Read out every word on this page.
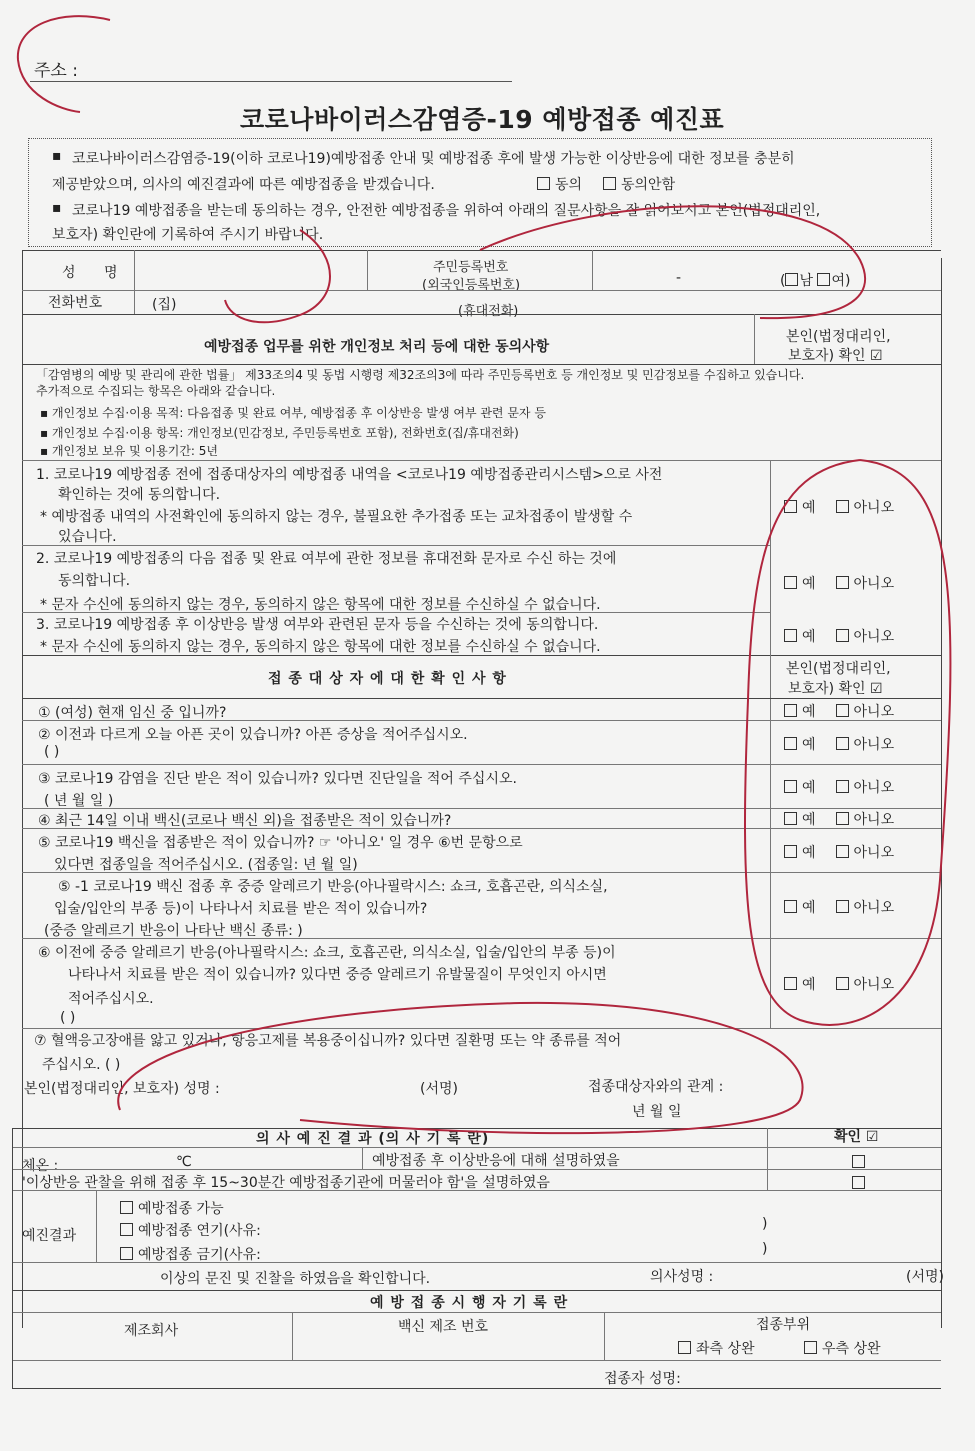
주소 :
코로나바이러스감염증-19 예방접종 예진표
▪ 코로나바이러스감염증-19(이하 코로나19)예방접종 안내 및 예방접종 후에 발생 가능한 이상반응에 대한 정보를 충분히
제공받았으며, 의사의 예진결과에 따른 예방접종을 받겠습니다.	동의	동의안함
▪ 코로나19 예방접종을 받는데 동의하는 경우, 안전한 예방접종을 위하여 아래의 질문사항을 잘 읽어보시고 본인(법정대리인,
보호자) 확인란에 기록하여 주시기 바랍니다.
성 명	주민등록번호
(외국인등록번호)	-	( 남 여)
전화번호	(집)	(휴대전화)
예방접종 업무를 위한 개인정보 처리 등에 대한 동의사항
본인(법정대리인,
보호자) 확인 ☑
「감염병의 예방 및 관리에 관한 법률」 제33조의4 및 동법 시행령 제32조의3에 따라 주민등록번호 등 개인정보 및 민감정보를 수집하고 있습니다.
추가적으로 수집되는 항목은 아래와 같습니다.
▪ 개인정보 수집·이용 목적: 다음접종 및 완료 여부, 예방접종 후 이상반응 발생 여부 관련 문자 등
▪ 개인정보 수집·이용 항목: 개인정보(민감정보, 주민등록번호 포함), 전화번호(집/휴대전화)
▪ 개인정보 보유 및 이용기간: 5년
1. 코로나19 예방접종 전에 접종대상자의 예방접종 내역을 <코로나19 예방접종관리시스템>으로 사전
확인하는 것에 동의합니다.
* 예방접종 내역의 사전확인에 동의하지 않는 경우, 불필요한 추가접종 또는 교차접종이 발생할 수
있습니다.
예	아니오
2. 코로나19 예방접종의 다음 접종 및 완료 여부에 관한 정보를 휴대전화 문자로 수신 하는 것에
동의합니다.
* 문자 수신에 동의하지 않는 경우, 동의하지 않은 항목에 대한 정보를 수신하실 수 없습니다.
예	아니오
3. 코로나19 예방접종 후 이상반응 발생 여부와 관련된 문자 등을 수신하는 것에 동의합니다.
* 문자 수신에 동의하지 않는 경우, 동의하지 않은 항목에 대한 정보를 수신하실 수 없습니다.
예	아니오
접 종 대 상 자 에 대 한 확 인 사 항
본인(법정대리인,
보호자) 확인 ☑
① (여성) 현재 임신 중 입니까?	예	아니오
② 이전과 다르게 오늘 아픈 곳이 있습니까? 아픈 증상을 적어주십시오.
( )	예	아니오
③ 코로나19 감염을 진단 받은 적이 있습니까? 있다면 진단일을 적어 주십시오.
( 년 월 일 )
예	아니오
④ 최근 14일 이내 백신(코로나 백신 외)을 접종받은 적이 있습니까?	예	아니오
⑤ 코로나19 백신을 접종받은 적이 있습니까? ☞ '아니오' 일 경우 ⑥번 문항으로
있다면 접종일을 적어주십시오. (접종일: 년 월 일)
예	아니오
⑤ -1 코로나19 백신 접종 후 중증 알레르기 반응(아나필락시스: 쇼크, 호흡곤란, 의식소실,
입술/입안의 부종 등)이 나타나서 치료를 받은 적이 있습니까?
(중증 알레르기 반응이 나타난 백신 종류: )
예	아니오
⑥ 이전에 중증 알레르기 반응(아나필락시스: 쇼크, 호흡곤란, 의식소실, 입술/입안의 부종 등)이
나타나서 치료를 받은 적이 있습니까? 있다면 중증 알레르기 유발물질이 무엇인지 아시면
적어주십시오.
( )
예	아니오
⑦ 혈액응고장애를 앓고 있거나, 항응고제를 복용중이십니까? 있다면 질환명 또는 약 종류를 적어
주십시오. ( )
본인(법정대리인, 보호자) 성명 :	(서명)	접종대상자와의 관계 :
년 월 일
의 사 예 진 결 과 (의 사 기 록 란)	확인 ☑
체온 :	℃	예방접종 후 이상반응에 대해 설명하였을
'이상반응 관찰을 위해 접종 후 15~30분간 예방접종기관에 머물러야 함'을 설명하였음
예진결과
예방접종 가능
예방접종 연기(사유:	)
예방접종 금기(사유:	)
이상의 문진 및 진찰을 하였음을 확인합니다.	의사성명 :	(서명)
예 방 접 종 시 행 자 기 록 란
제조회사	백신 제조 번호	접종부위
좌측 상완	우측 상완
접종자 성명:
